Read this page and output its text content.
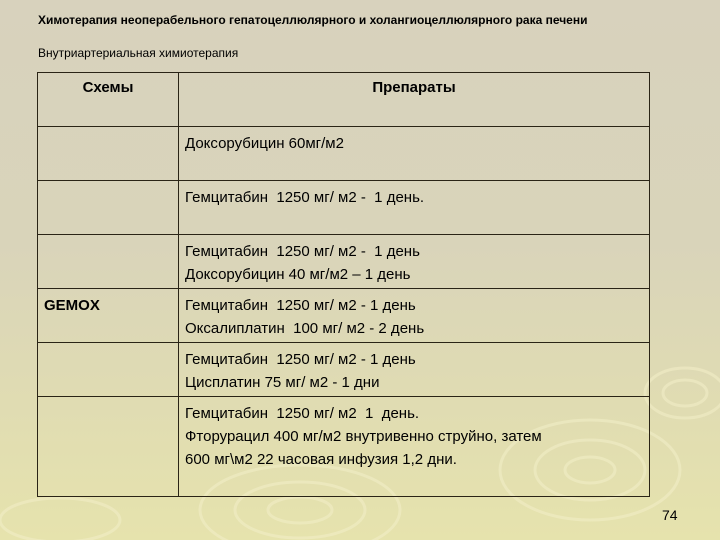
Химотерапия неоперабельного гепатоцеллюлярного и холангиоцеллюлярного рака печени
Внутриартериальная химиотерапия
Схемы	Препараты

	Доксорубицин 60мг/м2

	Гемцитабин  1250 мг/ м2 -  1 день.

	Гемцитабин  1250 мг/ м2 -  1 день
Доксорубицин 40 мг/м2 – 1 день

GEMOX	Гемцитабин  1250 мг/ м2 - 1 день
Оксалиплатин  100 мг/ м2 - 2 день

	Гемцитабин  1250 мг/ м2 - 1 день
Цисплатин 75 мг/ м2 - 1 дни

	Гемцитабин  1250 мг/ м2  1  день.
Фторурацил 400 мг/м2 внутривенно струйно, затем
600 мг\м2 22 часовая инфузия 1,2 дни.
74
